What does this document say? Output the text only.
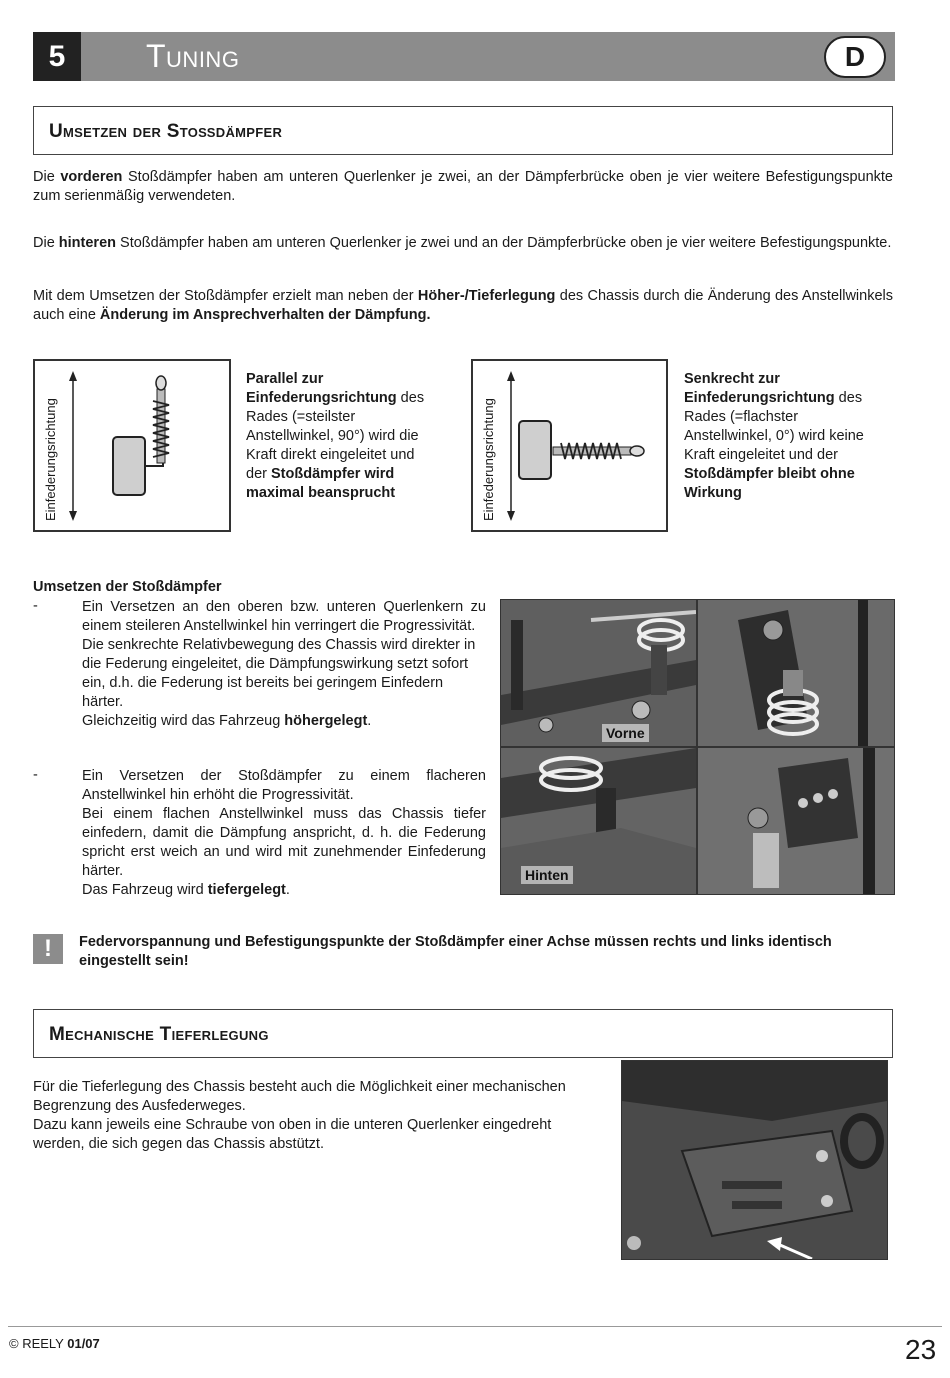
5	Tuning	D
Umsetzen der Stoßdämpfer
Die vorderen Stoßdämpfer haben am unteren Querlenker je zwei, an der Dämpferbrücke oben je vier weitere Befestigungspunkte zum serienmäßig verwendeten.
Die hinteren Stoßdämpfer haben am unteren Querlenker je zwei und an der Dämpferbrücke oben je vier weitere Befestigungspunkte.
Mit dem Umsetzen der Stoßdämpfer erzielt man neben der Höher-/Tieferlegung des Chassis durch die Änderung des Anstellwinkels auch eine Änderung im Ansprechverhalten der Dämpfung.
Einfederungsrichtung
Parallel zur Einfederungsrichtung des Rades (=steilster Anstellwinkel, 90°) wird die Kraft direkt eingeleitet und der Stoßdämpfer wird maximal beansprucht	Einfederungsrichtung
Senkrecht zur Einfederungsrichtung des Rades (=flachster Anstellwinkel, 0°) wird keine Kraft eingeleitet und der Stoßdämpfer bleibt ohne Wirkung
Umsetzen der Stoßdämpfer
-	Ein Versetzen an den oberen bzw. unteren Querlenkern zu einem steileren Anstellwinkel hin verringert die Progressivität.

Die senkrechte Relativbewegung des Chassis wird direkter in die Federung eingeleitet, die Dämpfungswirkung setzt sofort ein, d.h. die Federung ist bereits bei geringem Einfedern härter.

Gleichzeitig wird das Fahrzeug höhergelegt.

-	Ein Versetzen der Stoßdämpfer zu einem flacheren Anstellwinkel hin erhöht die Progressivität.

Bei einem flachen Anstellwinkel muss das Chassis tiefer einfedern, damit die Dämpfung anspricht, d. h. die Federung spricht erst weich an und wird mit zunehmender Einfederung härter.

Das Fahrzeug wird tiefergelegt.

Vorne
Hinten
!	Federvorspannung und Befestigungspunkte der Stoßdämpfer einer Achse müssen rechts und links identisch eingestellt sein!
Mechanische Tieferlegung

Für die Tieferlegung des Chassis besteht auch die Möglichkeit einer mechanischen Begrenzung des Ausfederweges.

Dazu kann jeweils eine Schraube von oben in die unteren Querlenker eingedreht werden, die sich gegen das Chassis abstützt.

© REELY 01/07	23
